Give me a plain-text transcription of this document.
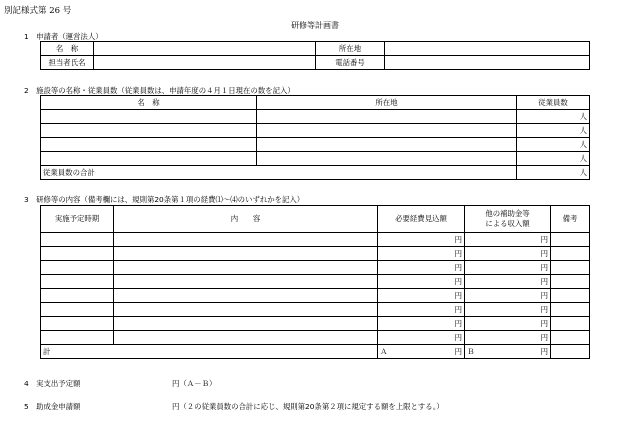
別記様式第 26 号
研修等計画書
1　申請者（運営法人）
名　称		所在地	
担当者氏名		電話番号	
2　施設等の名称・従業員数（従業員数は、申請年度の４月１日現在の数を記入）
名　称	所在地	従業員数
		人
		人
		人
		人
従業員数の合計		人
3　研修等の内容（備考欄には、規則第20条第１項の経費⑴～⑷のいずれかを記入）
実施予定時期	内　　容	必要経費見込額	他の補助金等
による収入額	備考
		円	円	
		円	円	
		円	円	
		円	円	
		円	円	
		円	円	
		円	円	
		円	円	
計		Ａ 円	Ｂ 円	

4　実支出予定額	円（Ａ－Ｂ）
5　助成金申請額	円（２の従業員数の合計に応じ、規則第20条第２項に規定する額を上限とする。）
